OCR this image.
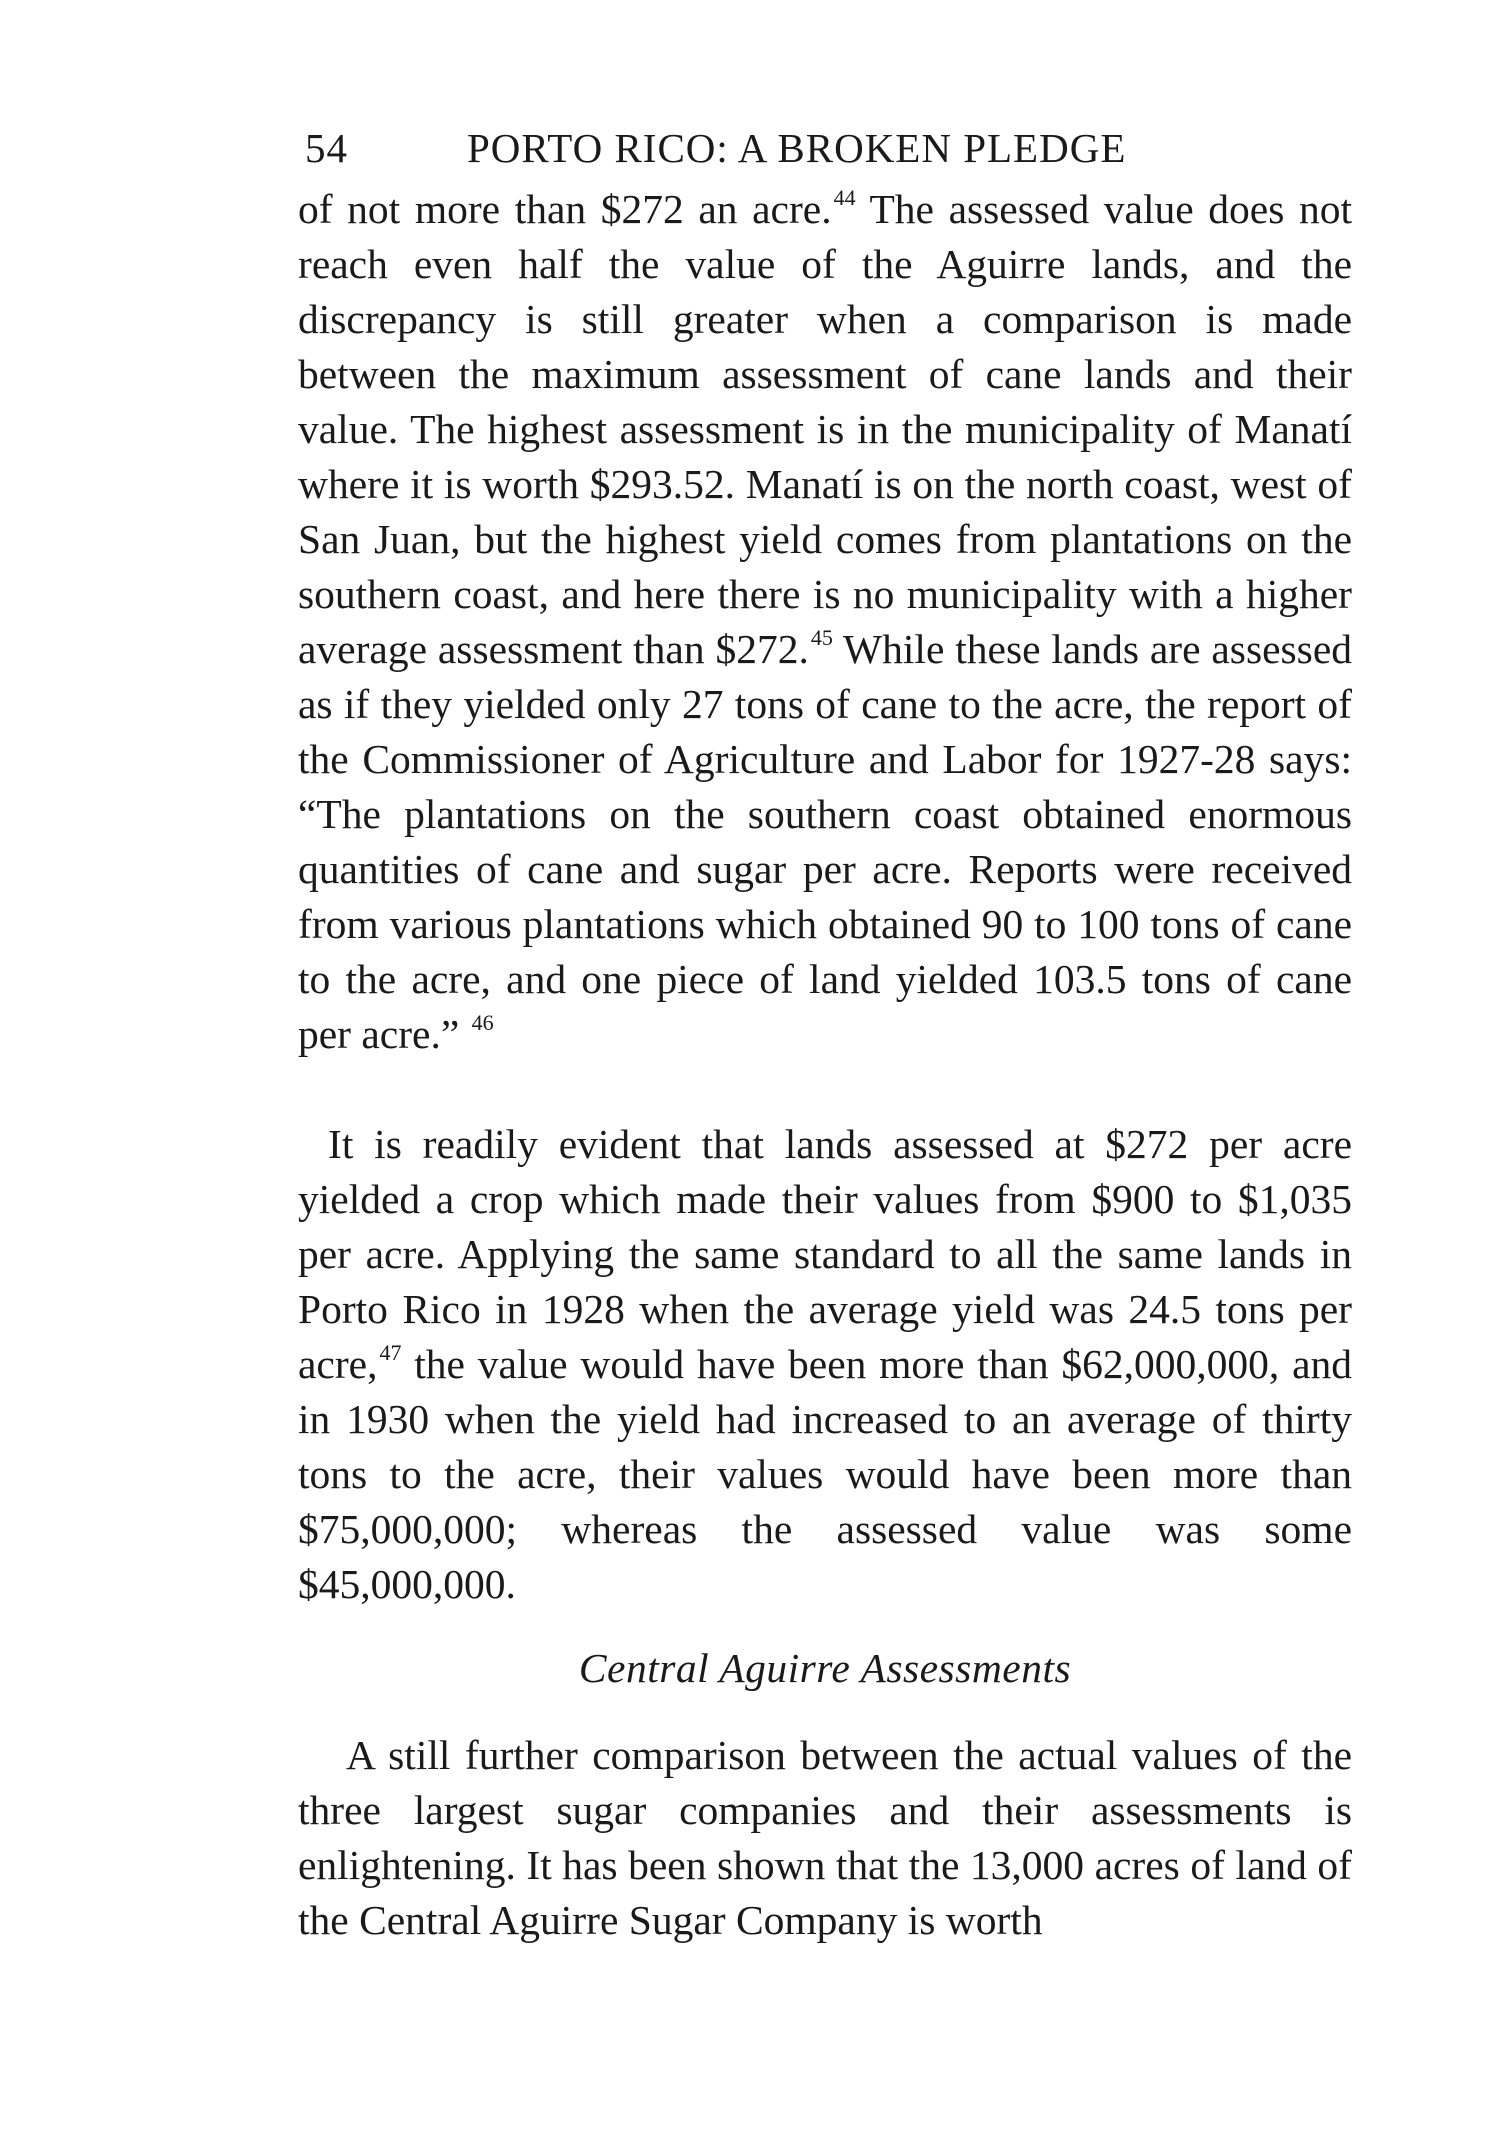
54	PORTO RICO: A BROKEN PLEDGE

of not more than $272 an acre.$^{44}$ The assessed value does not reach even half the value of the Aguirre lands, and the discrepancy is still greater when a comparison is made between the maximum assessment of cane lands and their value. The highest assessment is in the municipality of Manatí where it is worth $293.52. Manatí is on the north coast, west of San Juan, but the highest yield comes from plantations on the southern coast, and here there is no municipality with a higher average assessment than $272.45 While these lands are assessed as if they yielded only 27 tons of cane to the acre, the report of the Commissioner of Agriculture and Labor for 1927-28 says: “The plantations on the southern coast obtained enormous quantities of cane and sugar per acre. Reports were received from various plantations which obtained 90 to 100 tons of cane to the acre, and one piece of land yielded 103.5 tons of cane per acre.” $^{46}$

It is readily evident that lands assessed at $272 per acre yielded a crop which made their values from $900 to $1,035 per acre. Applying the same standard to all the same lands in Porto Rico in 1928 when the average yield was 24.5 tons per acre,$^{47}$ the value would have been more than $62,000,000, and in 1930 when the yield had increased to an average of thirty tons to the acre, their values would have been more than $75,000,000; whereas the assessed value was some $45,000,000.

Central Aguirre Assessments

A still further comparison between the actual values of the three largest sugar companies and their assessments is enlightening. It has been shown that the 13,000 acres of land of the Central Aguirre Sugar Company is worth
